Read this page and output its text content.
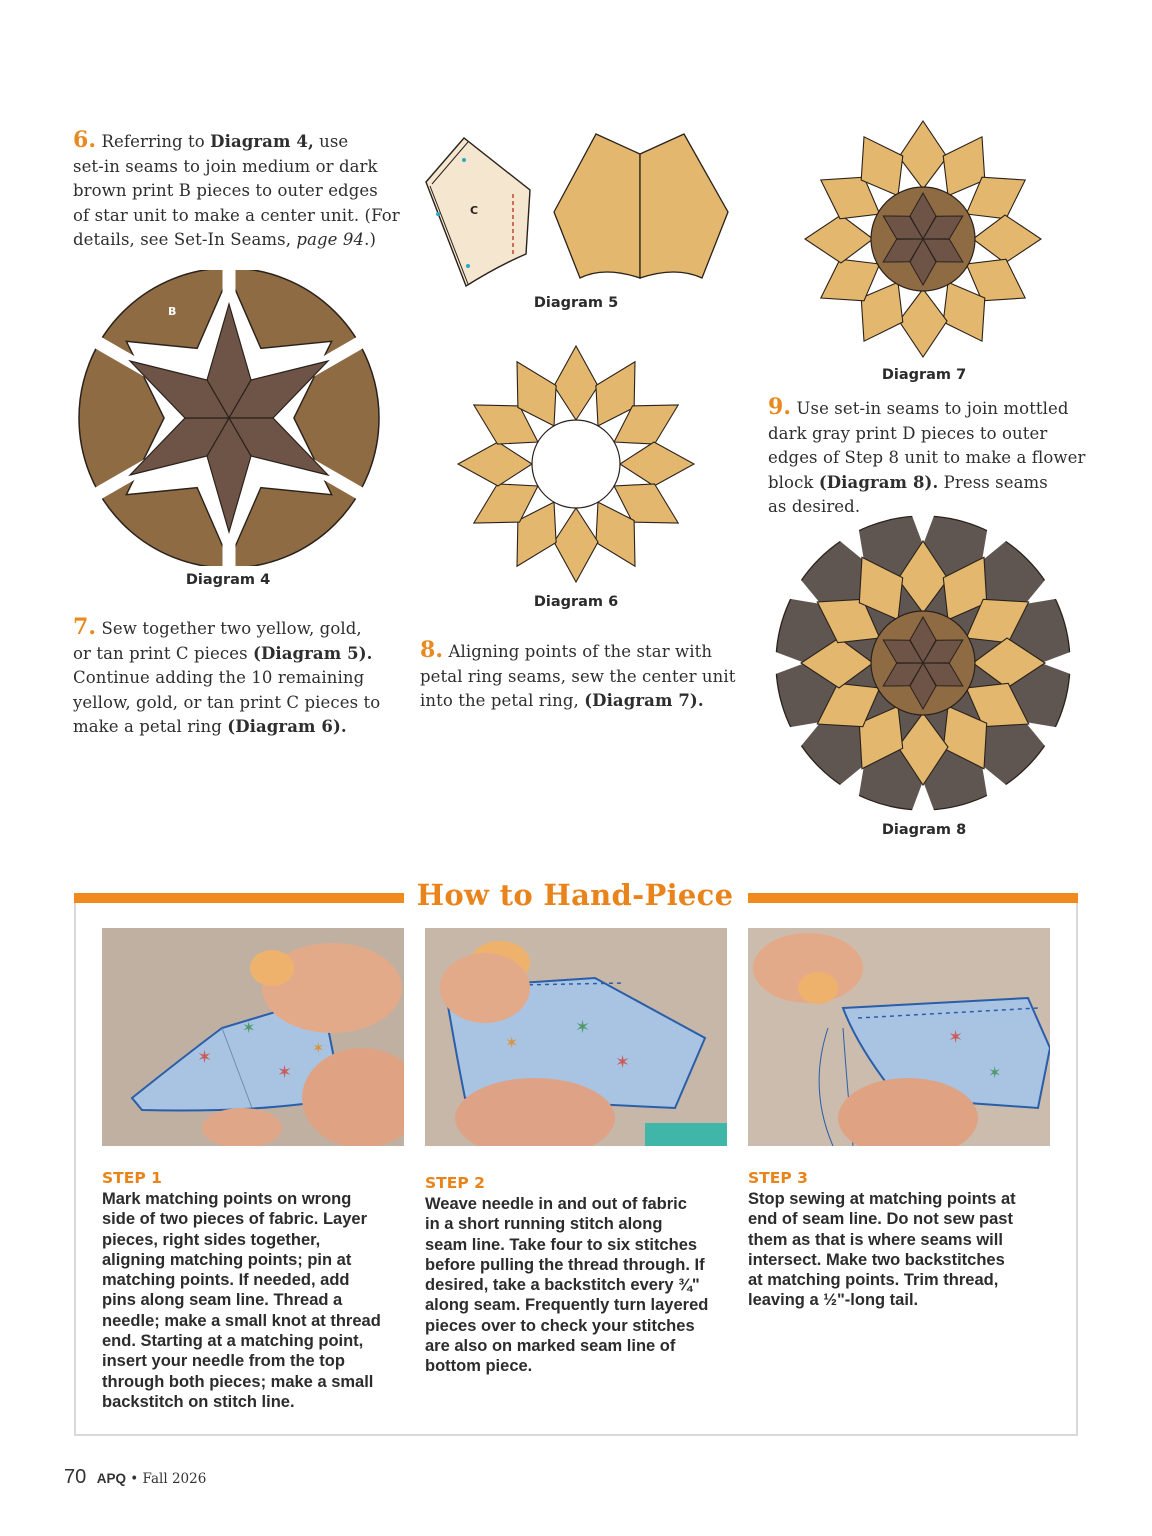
6. Referring to Diagram 4, use
set-in seams to join medium or dark
brown print B pieces to outer edges
of star unit to make a center unit. (For
details, see Set-In Seams, page 94.)
B
Diagram 4
C
Diagram 5
Diagram 6
Diagram 7
9. Use set-in seams to join mottled
dark gray print D pieces to outer
edges of Step 8 unit to make a flower
block (Diagram 8). Press seams
as desired.
D
Diagram 8
7. Sew together two yellow, gold,
or tan print C pieces (Diagram 5).
Continue adding the 10 remaining
yellow, gold, or tan print C pieces to
make a petal ring (Diagram 6).
8. Aligning points of the star with
petal ring seams, sew the center unit
into the petal ring, (Diagram 7).
How to Hand-Piece
✶
✶
✶
✶
✶
✶
✶	✶
✶
STEP 1
Mark matching points on wrong
side of two pieces of fabric. Layer
pieces, right sides together,
aligning matching points; pin at
matching points. If needed, add
pins along seam line. Thread a
needle; make a small knot at thread
end. Starting at a matching point,
insert your needle from the top
through both pieces; make a small
backstitch on stitch line.
STEP 2
Weave needle in and out of fabric
in a short running stitch along
seam line. Take four to six stitches
before pulling the thread through. If
desired, take a backstitch every ¾"
along seam. Frequently turn layered
pieces over to check your stitches
are also on marked seam line of
bottom piece.
STEP 3
Stop sewing at matching points at
end of seam line. Do not sew past
them as that is where seams will
intersect. Make two backstitches
at matching points. Trim thread,
leaving a ½"-long tail.
70 APQ • Fall 2026
